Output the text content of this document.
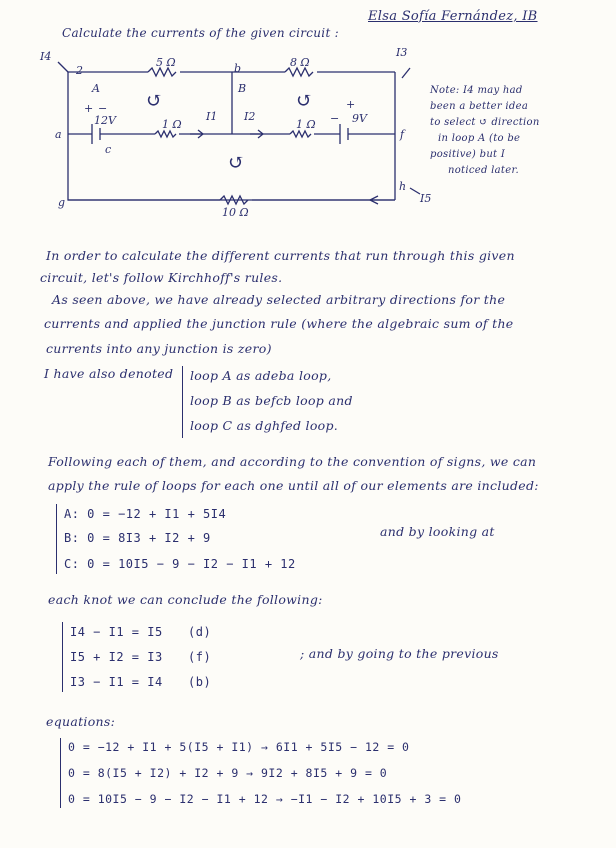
Elsa Sofía Fernández, IB
Calculate the currents of the given circuit :
I4
2
A
5 Ω	b	8 Ω
I3
B
↺	↺
↺
+ −
12V
a
c
1 Ω
I1 I2
1 Ω −
+
9V
f
h
I5
g
10 Ω
Note: I4 may had
been a better idea
to select ↺ direction
in loop A (to be
positive) but I
noticed later.
In order to calculate the different currents that run through this given
circuit, let's follow Kirchhoff's rules.
As seen above, we have already selected arbitrary directions for the
currents and applied the junction rule (where the algebraic sum of the
currents into any junction is zero)
I have also denoted loop A as adeba loop,
loop B as befcb loop and
loop C as dghfed loop.
Following each of them, and according to the convention of signs, we can
apply the rule of loops for each one until all of our elements are included:
A: 0 = −12 + I1 + 5I4
B: 0 = 8I3 + I2 + 9
C: 0 = 10I5 − 9 − I2 − I1 + 12
and by looking at
each knot we can conclude the following:
I4 − I1 = I5 (d)
I5 + I2 = I3 (f)
I3 − I1 = I4 (b)
; and by going to the previous
equations:
0 = −12 + I1 + 5(I5 + I1) → 6I1 + 5I5 − 12 = 0
0 = 8(I5 + I2) + I2 + 9 → 9I2 + 8I5 + 9 = 0
0 = 10I5 − 9 − I2 − I1 + 12 → −I1 − I2 + 10I5 + 3 = 0
